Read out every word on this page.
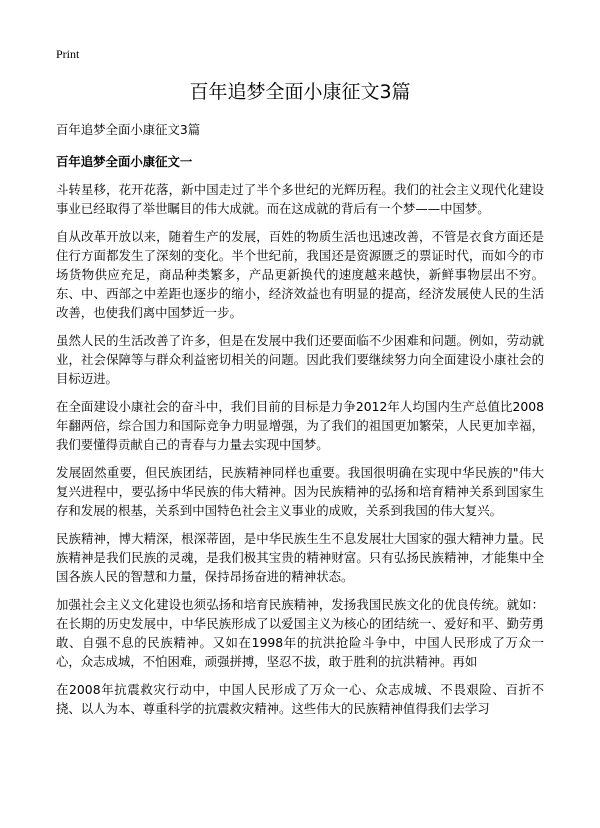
Print
百年追梦全面小康征文3篇

百年追梦全面小康征文3篇

百年追梦全面小康征文一

斗转星移，花开花落，新中国走过了半个多世纪的光辉历程。我们的社会主义现代化建设事业已经取得了举世瞩目的伟大成就。而在这成就的背后有一个梦——中国梦。

自从改革开放以来，随着生产的发展，百姓的物质生活也迅速改善，不管是衣食方面还是住行方面都发生了深刻的变化。半个世纪前，我国还是资源匮乏的票证时代，而如今的市场货物供应充足，商品种类繁多，产品更新换代的速度越来越快，新鲜事物层出不穷。东、中、西部之中差距也逐步的缩小，经济效益也有明显的提高，经济发展使人民的生活改善，也使我们离中国梦近一步。

虽然人民的生活改善了许多，但是在发展中我们还要面临不少困难和问题。例如，劳动就业，社会保障等与群众利益密切相关的问题。因此我们要继续努力向全面建设小康社会的目标迈进。

在全面建设小康社会的奋斗中，我们目前的目标是力争2012年人均国内生产总值比2008年翻两倍，综合国力和国际竞争力明显增强，为了我们的祖国更加繁荣，人民更加幸福，我们要懂得贡献自己的青春与力量去实现中国梦。

发展固然重要，但民族团结，民族精神同样也重要。我国很明确在实现中华民族的"伟大复兴进程中，要弘扬中华民族的伟大精神。因为民族精神的弘扬和培育精神关系到国家生存和发展的根基，关系到中国特色社会主义事业的成败，关系到我国的伟大复兴。

民族精神，博大精深，根深蒂固，是中华民族生生不息发展壮大国家的强大精神力量。民族精神是我们民族的灵魂，是我们极其宝贵的精神财富。只有弘扬民族精神，才能集中全国各族人民的智慧和力量，保持昂扬奋进的精神状态。

加强社会主义文化建设也须弘扬和培育民族精神，发扬我国民族文化的优良传统。就如：在长期的历史发展中，中华民族形成了以爱国主义为核心的团结统一、爱好和平、勤劳勇敢、自强不息的民族精神。又如在1998年的抗洪抢险斗争中，中国人民形成了万众一心，众志成城，不怕困难，顽强拼搏，坚忍不拔，敢于胜利的抗洪精神。再如

在2008年抗震救灾行动中，中国人民形成了万众一心、众志成城、不畏艰险、百折不挠、以人为本、尊重科学的抗震救灾精神。这些伟大的民族精神值得我们去学习
